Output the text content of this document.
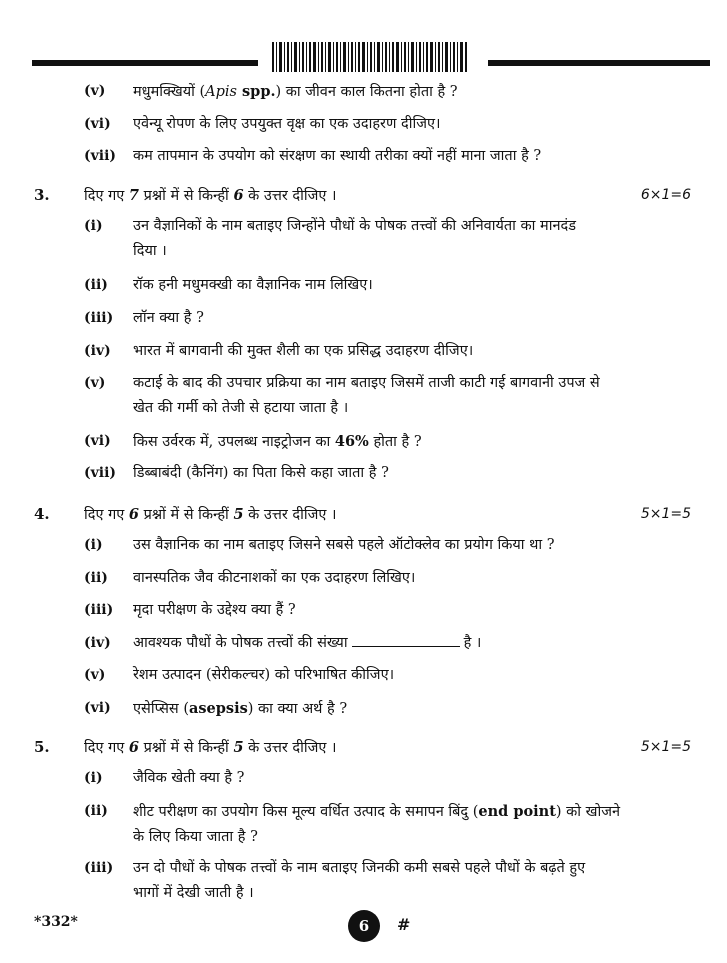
(v) मधुमक्खियों (Apis spp.) का जीवन काल कितना होता है ?
(vi) एवेन्यू रोपण के लिए उपयुक्त वृक्ष का एक उदाहरण दीजिए।
(vii) कम तापमान के उपयोग को संरक्षण का स्थायी तरीका क्यों नहीं माना जाता है ?
3. दिए गए 7 प्रश्नों में से किन्हीं 6 के उत्तर दीजिए ।	6×1=6
(i) उन वैज्ञानिकों के नाम बताइए जिन्होंने पौधों के पोषक तत्त्वों की अनिवार्यता का मानदंड
दिया ।
(ii) रॉक हनी मधुमक्खी का वैज्ञानिक नाम लिखिए।
(iii) लॉन क्या है ?
(iv) भारत में बागवानी की मुक्त शैली का एक प्रसिद्ध उदाहरण दीजिए।
(v) कटाई के बाद की उपचार प्रक्रिया का नाम बताइए जिसमें ताजी काटी गई बागवानी उपज से
खेत की गर्मी को तेजी से हटाया जाता है ।
(vi) किस उर्वरक में, उपलब्ध नाइट्रोजन का 46% होता है ?
(vii) डिब्बाबंदी (कैनिंग) का पिता किसे कहा जाता है ?
4. दिए गए 6 प्रश्नों में से किन्हीं 5 के उत्तर दीजिए ।	5×1=5
(i) उस वैज्ञानिक का नाम बताइए जिसने सबसे पहले ऑटोक्लेव का प्रयोग किया था ?
(ii) वानस्पतिक जैव कीटनाशकों का एक उदाहरण लिखिए।
(iii) मृदा परीक्षण के उद्देश्य क्या हैं ?
(iv) आवश्यक पौधों के पोषक तत्त्वों की संख्या	है ।
(v) रेशम उत्पादन (सेरीकल्चर) को परिभाषित कीजिए।
(vi) एसेप्सिस (asepsis) का क्या अर्थ है ?
5. दिए गए 6 प्रश्नों में से किन्हीं 5 के उत्तर दीजिए ।	5×1=5
(i) जैविक खेती क्या है ?
(ii) शीट परीक्षण का उपयोग किस मूल्य वर्धित उत्पाद के समापन बिंदु (end point) को खोजने
के लिए किया जाता है ?
(iii) उन दो पौधों के पोषक तत्त्वों के नाम बताइए जिनकी कमी सबसे पहले पौधों के बढ़ते हुए
भागों में देखी जाती है ।
*332*	6	#
